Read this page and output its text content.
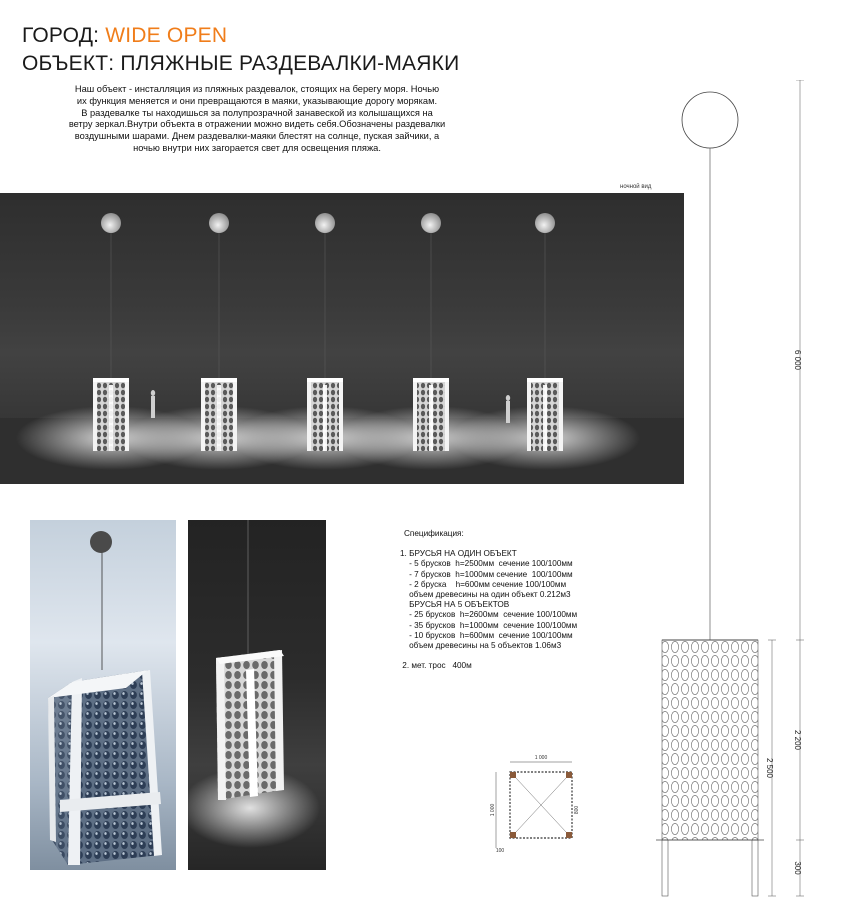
ГОРОД: WIDE OPEN
ОБЪЕКТ: ПЛЯЖНЫЕ РАЗДЕВАЛКИ-МАЯКИ
Наш объект - инсталляция из пляжных раздевалок, стоящих на берегу моря. Ночью
их функция меняется и они превращаются в маяки, указывающие дорогу морякам.
В раздевалке ты находишься за полупрозрачной занавеской из колышащихся на
ветру зеркал.Внутри объекта в отражении можно видеть себя.Обозначены раздевалки
воздушными шарами. Днем раздевалки-маяки блестят на солнце, пуская зайчики, а
ночью внутри них загорается свет для освещения пляжа.
ночной вид
Спецификация:
1. БРУСЬЯ НА ОДИН ОБЪЕКТ
- 5 брусков  h=2500мм  сечение 100/100мм
- 7 брусков  h=1000мм сечение  100/100мм
- 2 бруска    h=600мм сечение 100/100мм
объем древесины на один объект 0.212м3
БРУСЬЯ НА 5 ОБЪЕКТОВ
- 25 брусков  h=2600мм  сечение 100/100мм
- 35 брусков  h=1000мм  сечение 100/100мм
- 10 брусков  h=600мм  сечение 100/100мм
объем древесины на 5 объектов 1.06м3
2. мет. трос   400м
1 000
1 000	800
100
6 000
2 500
2 200
300
